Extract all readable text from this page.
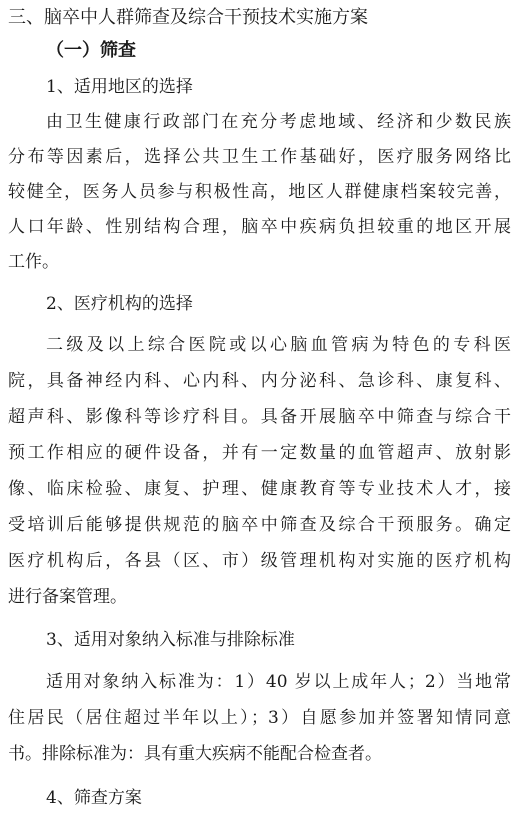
三、脑卒中人群筛查及综合干预技术实施方案

（一）筛查

1、适用地区的选择

由卫生健康行政部门在充分考虑地域、经济和少数民族

分布等因素后，选择公共卫生工作基础好，医疗服务网络比

较健全，医务人员参与积极性高，地区人群健康档案较完善，

人口年龄、性别结构合理，脑卒中疾病负担较重的地区开展

工作。

2、医疗机构的选择

二级及以上综合医院或以心脑血管病为特色的专科医

院，具备神经内科、心内科、内分泌科、急诊科、康复科、

超声科、影像科等诊疗科目。具备开展脑卒中筛查与综合干

预工作相应的硬件设备，并有一定数量的血管超声、放射影

像、临床检验、康复、护理、健康教育等专业技术人才，接

受培训后能够提供规范的脑卒中筛查及综合干预服务。确定

医疗机构后，各县（区、市）级管理机构对实施的医疗机构

进行备案管理。

3、适用对象纳入标准与排除标准

适用对象纳入标准为：1）40 岁以上成年人；2）当地常

住居民（居住超过半年以上）；3）自愿参加并签署知情同意

书。排除标准为：具有重大疾病不能配合检查者。

4、筛查方案
